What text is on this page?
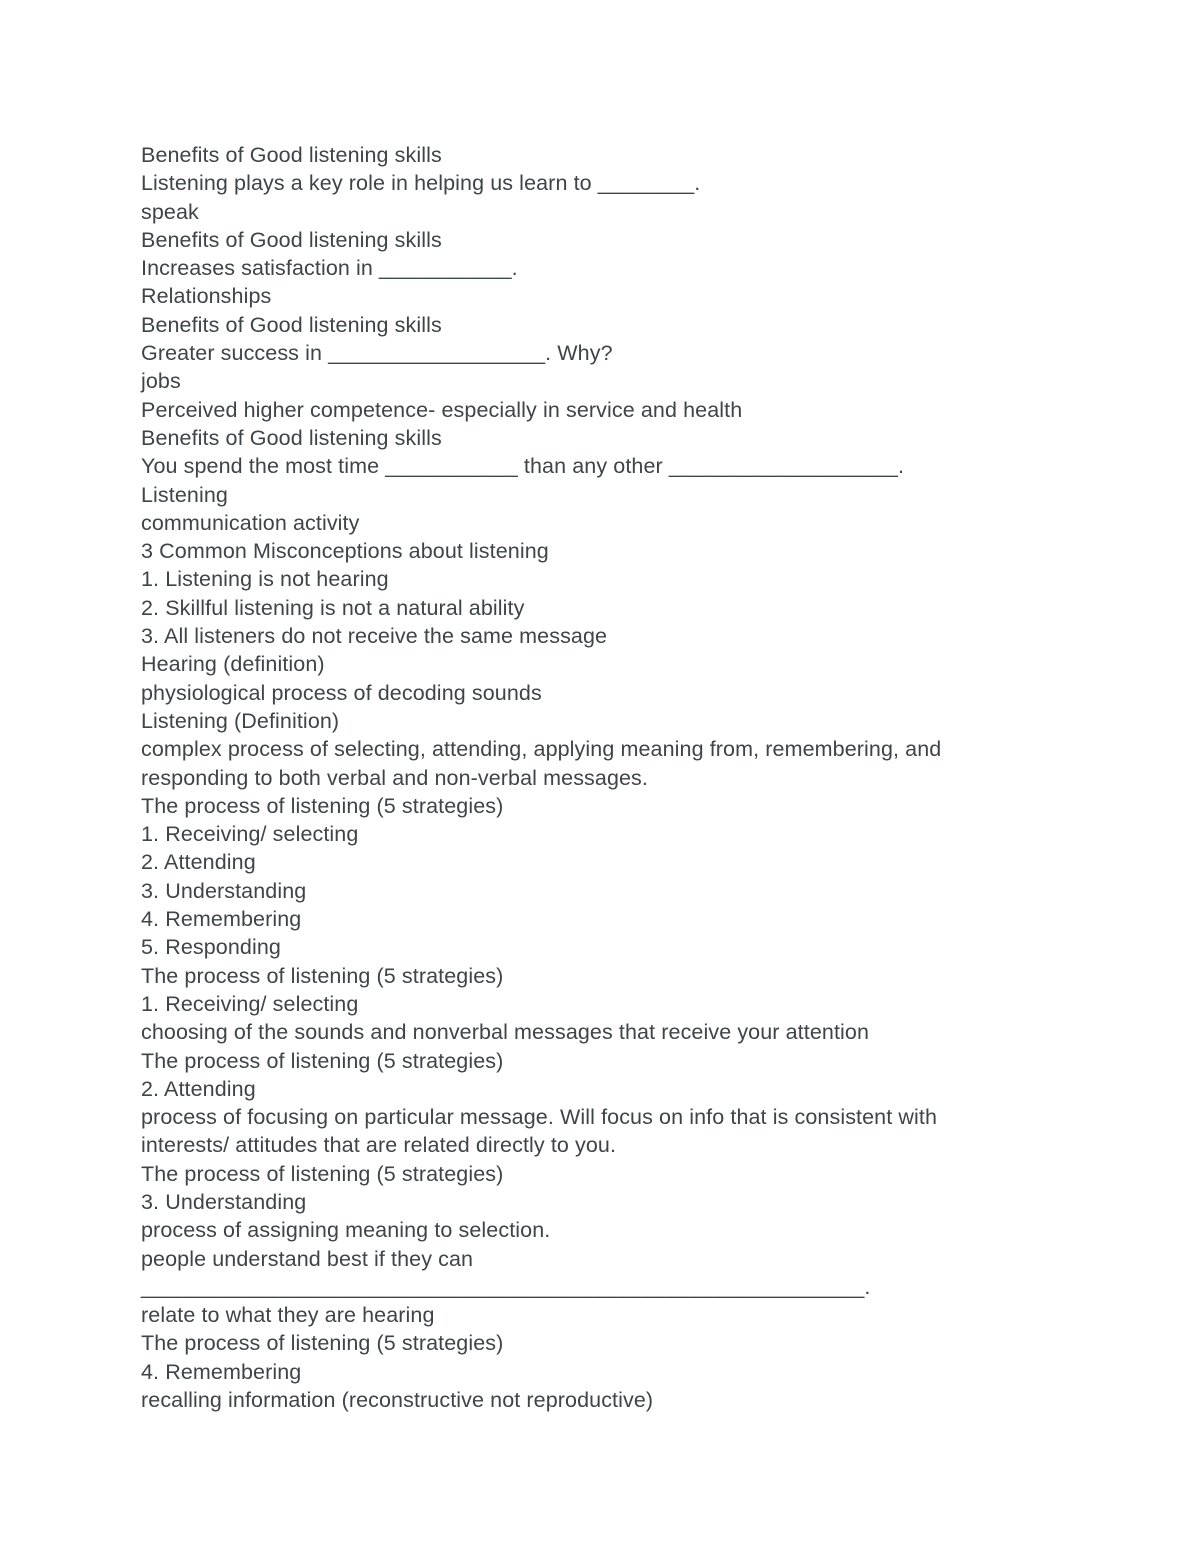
Benefits of Good listening skills
Listening plays a key role in helping us learn to ________.
speak
Benefits of Good listening skills
Increases satisfaction in ___________.
Relationships
Benefits of Good listening skills
Greater success in __________________. Why?
jobs
Perceived higher competence- especially in service and health
Benefits of Good listening skills
You spend the most time ___________ than any other ___________________.
Listening
communication activity
3 Common Misconceptions about listening
1. Listening is not hearing
2. Skillful listening is not a natural ability
3. All listeners do not receive the same message
Hearing (definition)
physiological process of decoding sounds
Listening (Definition)
complex process of selecting, attending, applying meaning from, remembering, and
responding to both verbal and non-verbal messages.
The process of listening (5 strategies)
1. Receiving/ selecting
2. Attending
3. Understanding
4. Remembering
5. Responding
The process of listening (5 strategies)
1. Receiving/ selecting
choosing of the sounds and nonverbal messages that receive your attention
The process of listening (5 strategies)
2. Attending
process of focusing on particular message. Will focus on info that is consistent with
interests/ attitudes that are related directly to you.
The process of listening (5 strategies)
3. Understanding
process of assigning meaning to selection.
people understand best if they can
____________________________________________________________.
relate to what they are hearing
The process of listening (5 strategies)
4. Remembering
recalling information (reconstructive not reproductive)
